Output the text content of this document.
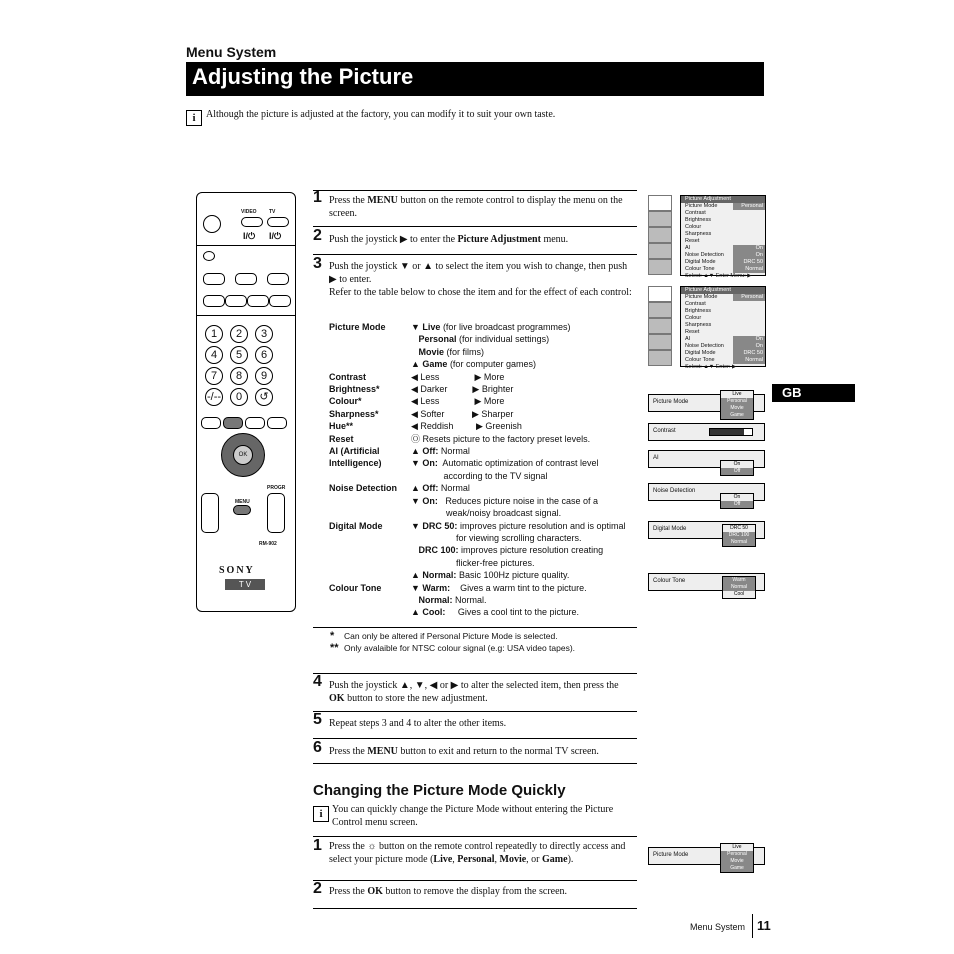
Menu System
Adjusting the Picture
i	Although the picture is adjusted at the factory, you can modify it to suit your own taste.
VIDEO TV
I/⏻ I/⏻
OK
PROGR
MENU
RM-902
SONY
T V
1	2	3
4	5	6
7	8	9
-/--	0	↺
1 Press the MENU button on the remote control to display the menu on the screen.
2 Push the joystick ▶ to enter the Picture Adjustment menu.
3 Push the joystick ▼ or ▲ to select the item you wish to change, then push ▶ to enter.
Refer to the table below to chose the item and for the effect of each control:
Picture Mode	▼ Live (for live broadcast programmes)
Personal (for individual settings)
Movie (for films)
▲ Game (for computer games)
Contrast	◀ Less              ▶ More
Brightness*	◀ Darker          ▶ Brighter
Colour*	◀ Less              ▶ More
Sharpness*	◀ Softer           ▶ Sharper
Hue**	◀ Reddish         ▶ Greenish
Reset	Ⓞ Resets picture to the factory preset levels.
AI (Artificial Intelligence)
▲ Off: Normal
▼ On:  Automatic optimization of contrast level
according to the TV signal
Noise Detection	▲ Off: Normal
▼ On:   Reduces picture noise in the case of a
weak/noisy broadcast signal.
Digital Mode	▼ DRC 50: improves picture resolution and is optimal
for viewing scrolling characters.
DRC 100: improves picture resolution creating
flicker-free pictures.
▲ Normal: Basic 100Hz picture quality.
Colour Tone	▼ Warm:    Gives a warm tint to the picture.
Normal: Normal.
▲ Cool:     Gives a cool tint to the picture.
* Can only be altered if Personal Picture Mode is selected.
** Only avalaible for NTSC colour signal (e.g: USA video tapes).
4 Push the joystick ▲, ▼, ◀ or ▶ to alter the selected item, then press the OK button to store the new adjustment.
5 Repeat steps 3 and 4 to alter the other items.
6 Press the MENU button to exit and return to the normal TV screen.
Changing the Picture Mode Quickly
i You can quickly change the Picture Mode without entering the Picture Control menu screen.
1 Press the ☼ button on the remote control repeatedly to directly access and select your picture mode (Live, Personal, Movie, or Game).
2 Press the OK button to remove the display from the screen.
Picture Adjustment
Picture Mode	Personal
Contrast
Brightness
Colour
Sharpness
Reset
AI	On
Noise Detection	On
Digital Mode	DRC 50
Colour Tone	Normal
Select: ▲▼ Enter Menu: ▶
Picture Adjustment
Picture Mode	Personal
Contrast
Brightness
Colour
Sharpness
Reset
AI	On
Noise Detection	On
Digital Mode	DRC 50
Colour Tone	Normal
Select: ▲▼ Enter: ▶
GB
Menu System 11
Picture Mode
Live
Personal
Movie
Game
Contrast
AI
On
Off
Noise Detection
On
Off
Digital Mode	DRC 50
DRC 100
Normal
Colour Tone	Warm
Normal
Cool
Picture Mode
Live
Personal
Movie
Game
